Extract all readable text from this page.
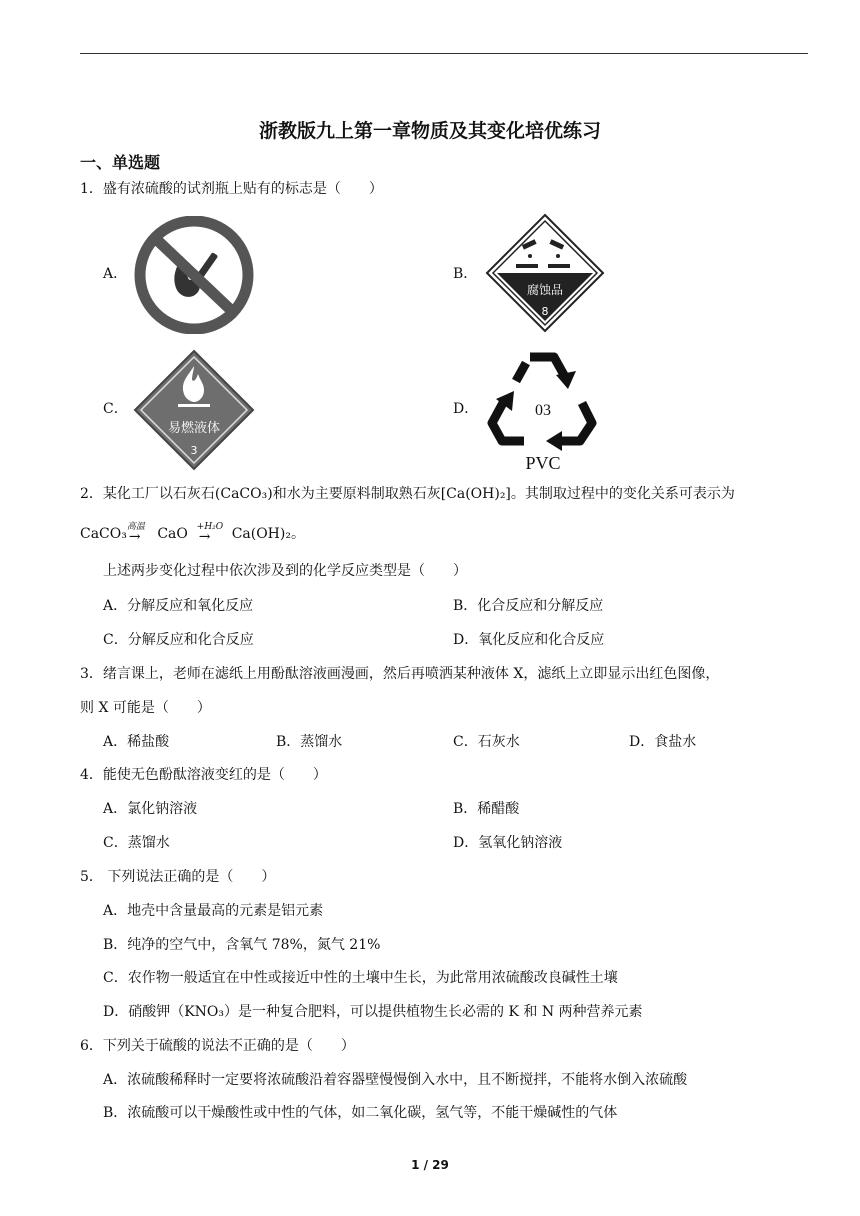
浙教版九上第一章物质及其变化培优练习
一、单选题
1．盛有浓硫酸的试剂瓶上贴有的标志是（　　）
A．	B．
腐蚀品
8
C．
易燃液体
3
D．	03
PVC
2．某化工厂以石灰石(CaCO₃)和水为主要原料制取熟石灰[Ca(OH)₂]。其制取过程中的变化关系可表示为
CaCO₃ 高温
→ CaO +H₂O
→ Ca(OH)₂。
上述两步变化过程中依次涉及到的化学反应类型是（　　）
A．分解反应和氧化反应	B．化合反应和分解反应
C．分解反应和化合反应	D．氧化反应和化合反应
3．绪言课上，老师在滤纸上用酚酞溶液画漫画，然后再喷洒某种液体 X，滤纸上立即显示出红色图像，
则 X 可能是（　　）
A．稀盐酸	B．蒸馏水	C．石灰水	D．食盐水
4．能使无色酚酞溶液变红的是（　　）
A．氯化钠溶液	B．稀醋酸
C．蒸馏水	D．氢氧化钠溶液
5． 下列说法正确的是（　　）
A．地壳中含量最高的元素是铝元素
B．纯净的空气中，含氧气 78%，氮气 21%
C．农作物一般适宜在中性或接近中性的土壤中生长，为此常用浓硫酸改良碱性土壤
D．硝酸钾（KNO₃）是一种复合肥料，可以提供植物生长必需的 K 和 N 两种营养元素
6．下列关于硫酸的说法不正确的是（　　）
A．浓硫酸稀释时一定要将浓硫酸沿着容器壁慢慢倒入水中，且不断搅拌，不能将水倒入浓硫酸
B．浓硫酸可以干燥酸性或中性的气体，如二氧化碳，氢气等，不能干燥碱性的气体
1 / 29
